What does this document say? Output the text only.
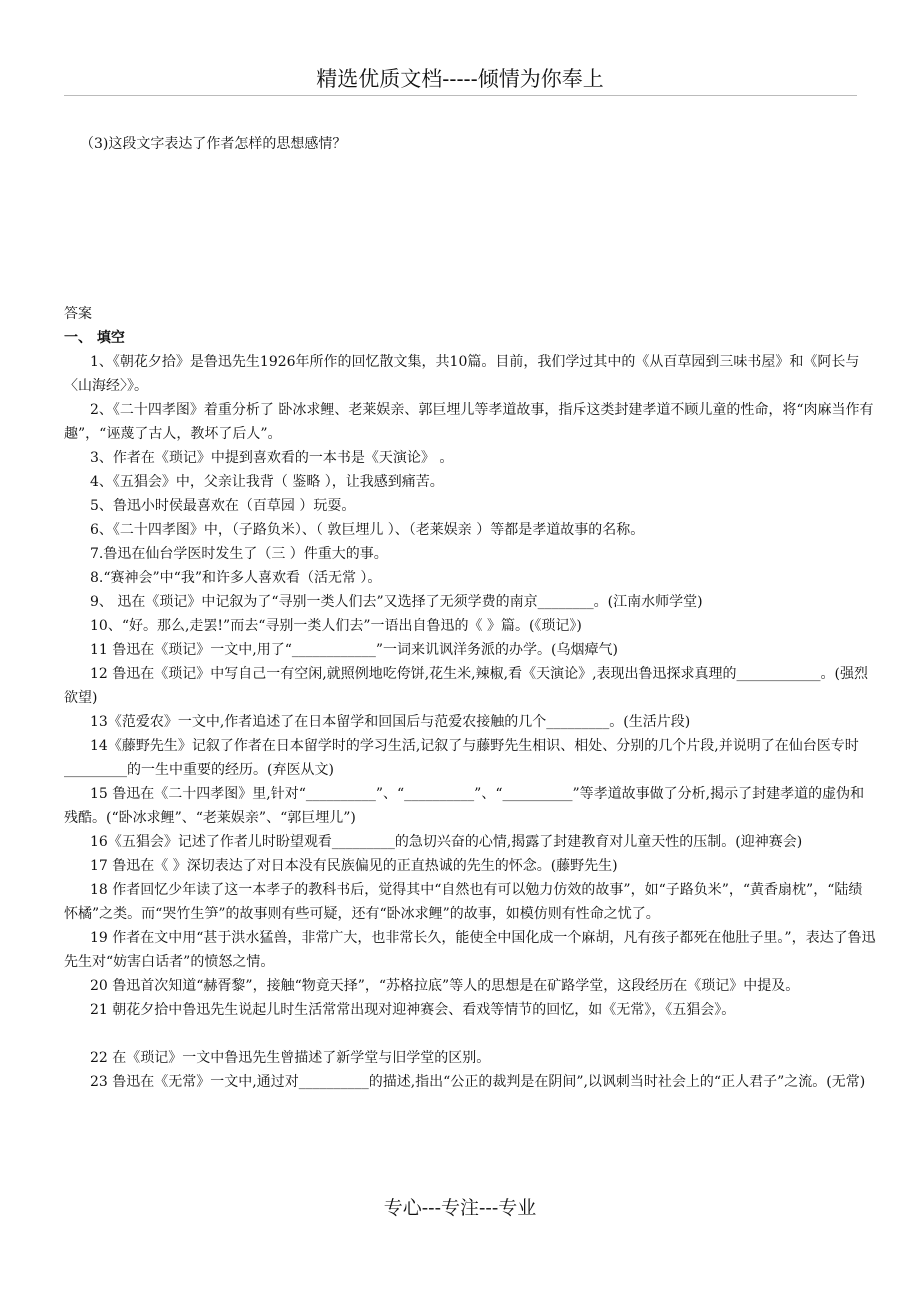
精选优质文档-----倾情为你奉上
（3)这段文字表达了作者怎样的思想感情？
答案
一、 填空

1、《朝花夕拾》是鲁迅先生1926年所作的回忆散文集，共10篇。目前，我们学过其中的《从百草园到三味书屋》和《阿长与〈山海经〉》。

2、《二十四孝图》着重分析了 卧冰求鲤、老莱娱亲、郭巨埋儿等孝道故事，指斥这类封建孝道不顾儿童的性命，将“肉麻当作有趣”，“诬蔑了古人，教坏了后人”。

3、作者在《琐记》中提到喜欢看的一本书是《天演论》 。

4、《五猖会》中，父亲让我背（ 鉴略 ），让我感到痛苦。

5、鲁迅小时侯最喜欢在（百草园 ）玩耍。

6、《二十四孝图》中，（子路负米）、（ 敦巨埋儿 ）、（老莱娱亲 ）等都是孝道故事的名称。

7.鲁迅在仙台学医时发生了（三 ）件重大的事。

8.“赛神会”中“我”和许多人喜欢看（活无常 ）。

9、 迅在《琐记》中记叙为了“寻别一类人们去”又选择了无须学费的南京________。(江南水师学堂)

10、“好。那么,走罢!”而去“寻别一类人们去”一语出自鲁迅的《 》篇。(《琐记》)

11 鲁迅在《琐记》一文中,用了“____________”一词来讥讽洋务派的办学。(乌烟瘴气)

12 鲁迅在《琐记》中写自己一有空闲,就照例地吃侉饼,花生米,辣椒,看《天演论》,表现出鲁迅探求真理的____________。(强烈欲望)

13《范爱农》一文中,作者追述了在日本留学和回国后与范爱农接触的几个_________。(生活片段)

14《藤野先生》记叙了作者在日本留学时的学习生活,记叙了与藤野先生相识、相处、分别的几个片段,并说明了在仙台医专时_________的一生中重要的经历。(弃医从文)

15 鲁迅在《二十四孝图》里,针对“__________”、“__________”、“__________”等孝道故事做了分析,揭示了封建孝道的虚伪和残酷。(“卧冰求鲤”、“老莱娱亲”、“郭巨埋儿”)

16《五猖会》记述了作者儿时盼望观看_________的急切兴奋的心情,揭露了封建教育对儿童天性的压制。(迎神赛会)

17 鲁迅在《 》深切表达了对日本没有民族偏见的正直热诚的先生的怀念。(藤野先生)

18 作者回忆少年读了这一本孝子的教科书后，觉得其中“自然也有可以勉力仿效的故事”，如“子路负米”，“黄香扇枕”，“陆绩怀橘”之类。而“哭竹生笋”的故事则有些可疑，还有“卧冰求鲤”的故事，如模仿则有性命之忧了。

19 作者在文中用“甚于洪水猛兽，非常广大，也非常长久，能使全中国化成一个麻胡，凡有孩子都死在他肚子里。”，表达了鲁迅先生对“妨害白话者”的愤怒之情。

20 鲁迅首次知道“赫胥黎”，接触“物竟天择”，“苏格拉底”等人的思想是在矿路学堂，这段经历在《琐记》中提及。

21 朝花夕拾中鲁迅先生说起儿时生活常常出现对迎神赛会、看戏等情节的回忆，如《无常》，《五猖会》。

22 在《琐记》一文中鲁迅先生曾描述了新学堂与旧学堂的区别。

23 鲁迅在《无常》一文中,通过对__________的描述,指出“公正的裁判是在阴间”,以讽刺当时社会上的“正人君子”之流。(无常)

专心---专注---专业
